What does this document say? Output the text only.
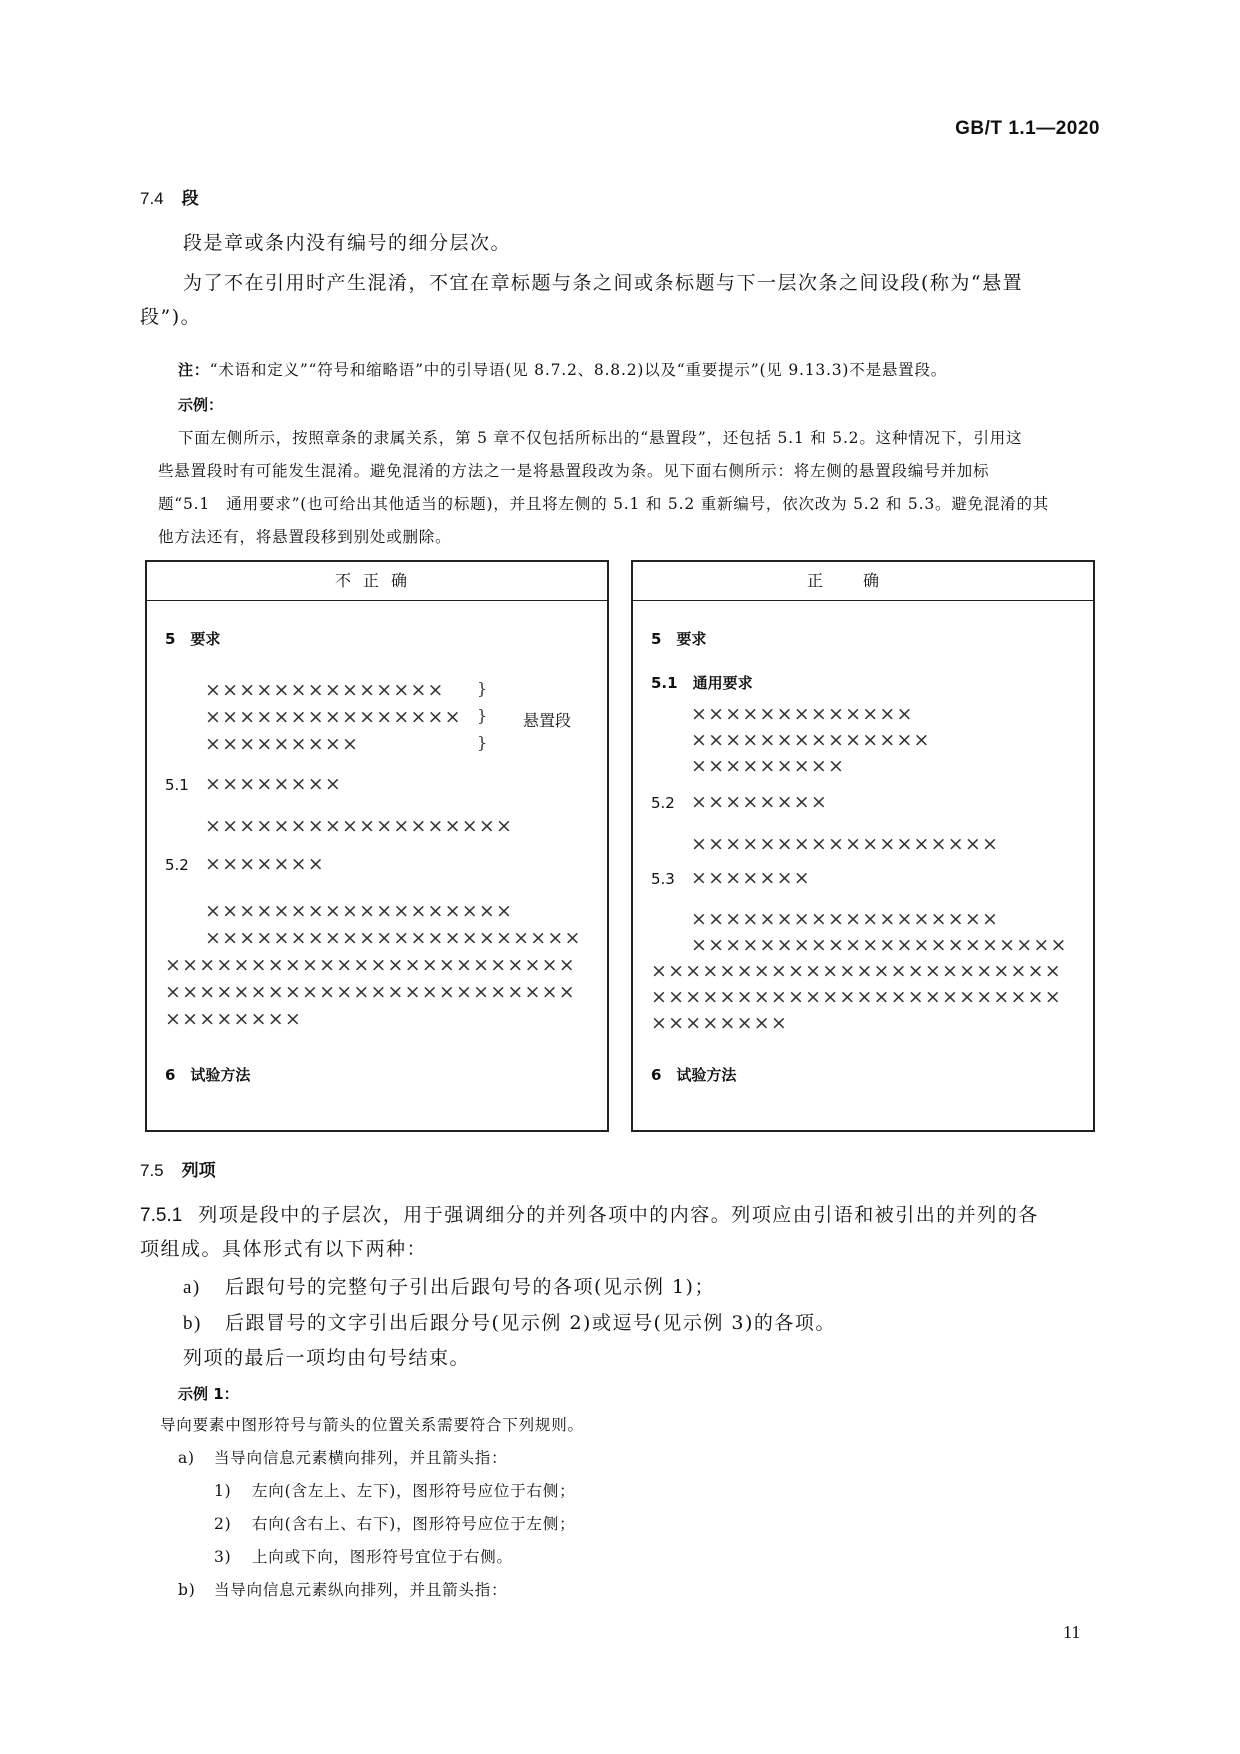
GB/T 1.1—2020
7.4 段
段是章或条内没有编号的细分层次。
为了不在引用时产生混淆，不宜在章标题与条之间或条标题与下一层次条之间设段(称为“悬置
段”)。
注：“术语和定义”“符号和缩略语”中的引导语(见 8.7.2、8.8.2)以及“重要提示”(见 9.13.3)不是悬置段。
示例：
下面左侧所示，按照章条的隶属关系，第 5 章不仅包括所标出的“悬置段”，还包括 5.1 和 5.2。这种情况下，引用这
些悬置段时有可能发生混淆。避免混淆的方法之一是将悬置段改为条。见下面右侧所示：将左侧的悬置段编号并加标
题“5.1　通用要求”(也可给出其他适当的标题)，并且将左侧的 5.1 和 5.2 重新编号，依次改为 5.2 和 5.3。避免混淆的其
他方法还有，将悬置段移到别处或删除。
不正确
5　要求
××××××××××××××
×××××××××××××××
×××××××××
}
}
}
悬置段
5.1 ××××××××
××××××××××××××××××
5.2 ×××××××
××××××××××××××××××
××××××××××××××××××××××
××××××××××××××××××××××××
××××××××××××××××××××××××
××××××××
6　试验方法
正确
5　要求
5.1　通用要求
×××××××××××××
××××××××××××××
×××××××××
5.2 ××××××××
××××××××××××××××××
5.3 ×××××××
××××××××××××××××××
××××××××××××××××××××××
××××××××××××××××××××××××
××××××××××××××××××××××××
××××××××
6　试验方法
7.5 列项
7.5.1 列项是段中的子层次，用于强调细分的并列各项中的内容。列项应由引语和被引出的并列的各
项组成。具体形式有以下两种：
a) 后跟句号的完整句子引出后跟句号的各项(见示例 1)；
b) 后跟冒号的文字引出后跟分号(见示例 2)或逗号(见示例 3)的各项。
列项的最后一项均由句号结束。
示例 1：
导向要素中图形符号与箭头的位置关系需要符合下列规则。
a) 当导向信息元素横向排列，并且箭头指：
1) 左向(含左上、左下)，图形符号应位于右侧；
2) 右向(含右上、右下)，图形符号应位于左侧；
3) 上向或下向，图形符号宜位于右侧。
b) 当导向信息元素纵向排列，并且箭头指：
11
